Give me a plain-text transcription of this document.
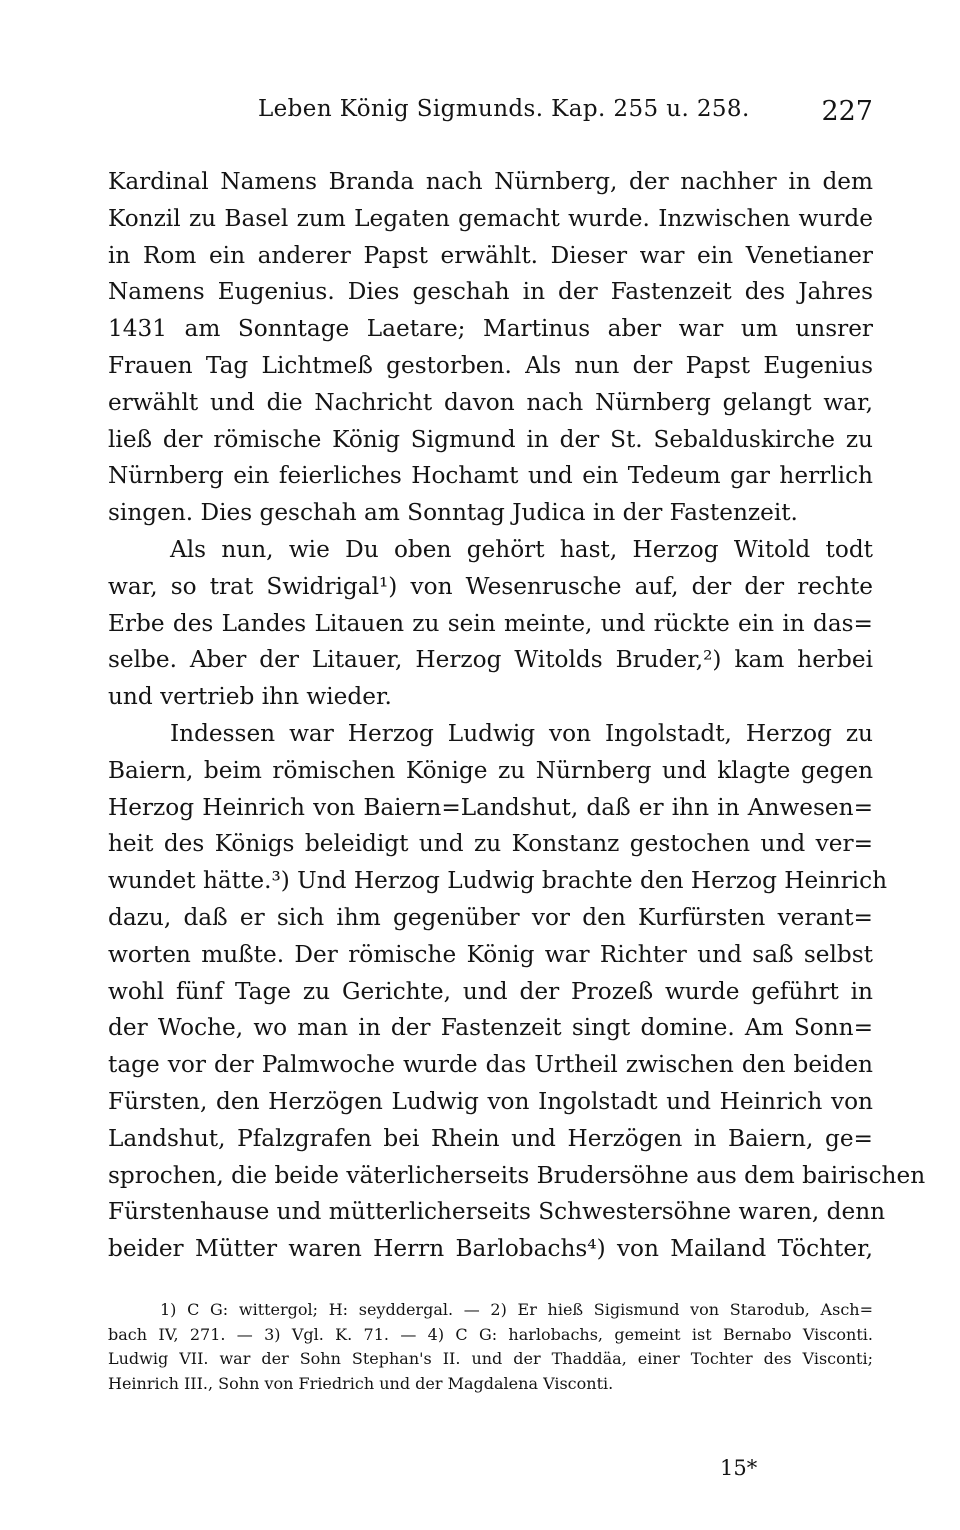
Leben König Sigmunds. Kap. 255 u. 258.	227
Kardinal Namens Branda nach Nürnberg, der nachher in dem
Konzil zu Basel zum Legaten gemacht wurde. Inzwischen wurde
in Rom ein anderer Papst erwählt. Dieser war ein Venetianer
Namens Eugenius. Dies geschah in der Fastenzeit des Jahres
1431 am Sonntage Laetare; Martinus aber war um unsrer
Frauen Tag Lichtmeß gestorben. Als nun der Papst Eugenius
erwählt und die Nachricht davon nach Nürnberg gelangt war,
ließ der römische König Sigmund in der St. Sebalduskirche zu
Nürnberg ein feierliches Hochamt und ein Tedeum gar herrlich
singen. Dies geschah am Sonntag Judica in der Fastenzeit.
Als nun, wie Du oben gehört hast, Herzog Witold todt
war, so trat Swidrigal¹) von Wesenrusche auf, der der rechte
Erbe des Landes Litauen zu sein meinte, und rückte ein in das=
selbe. Aber der Litauer, Herzog Witolds Bruder,²) kam herbei
und vertrieb ihn wieder.
Indessen war Herzog Ludwig von Ingolstadt, Herzog zu
Baiern, beim römischen Könige zu Nürnberg und klagte gegen
Herzog Heinrich von Baiern=Landshut, daß er ihn in Anwesen=
heit des Königs beleidigt und zu Konstanz gestochen und ver=
wundet hätte.³) Und Herzog Ludwig brachte den Herzog Heinrich
dazu, daß er sich ihm gegenüber vor den Kurfürsten verant=
worten mußte. Der römische König war Richter und saß selbst
wohl fünf Tage zu Gerichte, und der Prozeß wurde geführt in
der Woche, wo man in der Fastenzeit singt domine. Am Sonn=
tage vor der Palmwoche wurde das Urtheil zwischen den beiden
Fürsten, den Herzögen Ludwig von Ingolstadt und Heinrich von
Landshut, Pfalzgrafen bei Rhein und Herzögen in Baiern, ge=
sprochen, die beide väterlicherseits Brudersöhne aus dem bairischen
Fürstenhause und mütterlicherseits Schwestersöhne waren, denn
beider Mütter waren Herrn Barlobachs⁴) von Mailand Töchter,
1) C G: wittergol; H: seyddergal. — 2) Er hieß Sigismund von Starodub, Asch=
bach IV, 271. — 3) Vgl. K. 71. — 4) C G: harlobachs, gemeint ist Bernabo Visconti.
Ludwig VII. war der Sohn Stephan's II. und der Thaddäa, einer Tochter des Visconti;
Heinrich III., Sohn von Friedrich und der Magdalena Visconti.
15*
